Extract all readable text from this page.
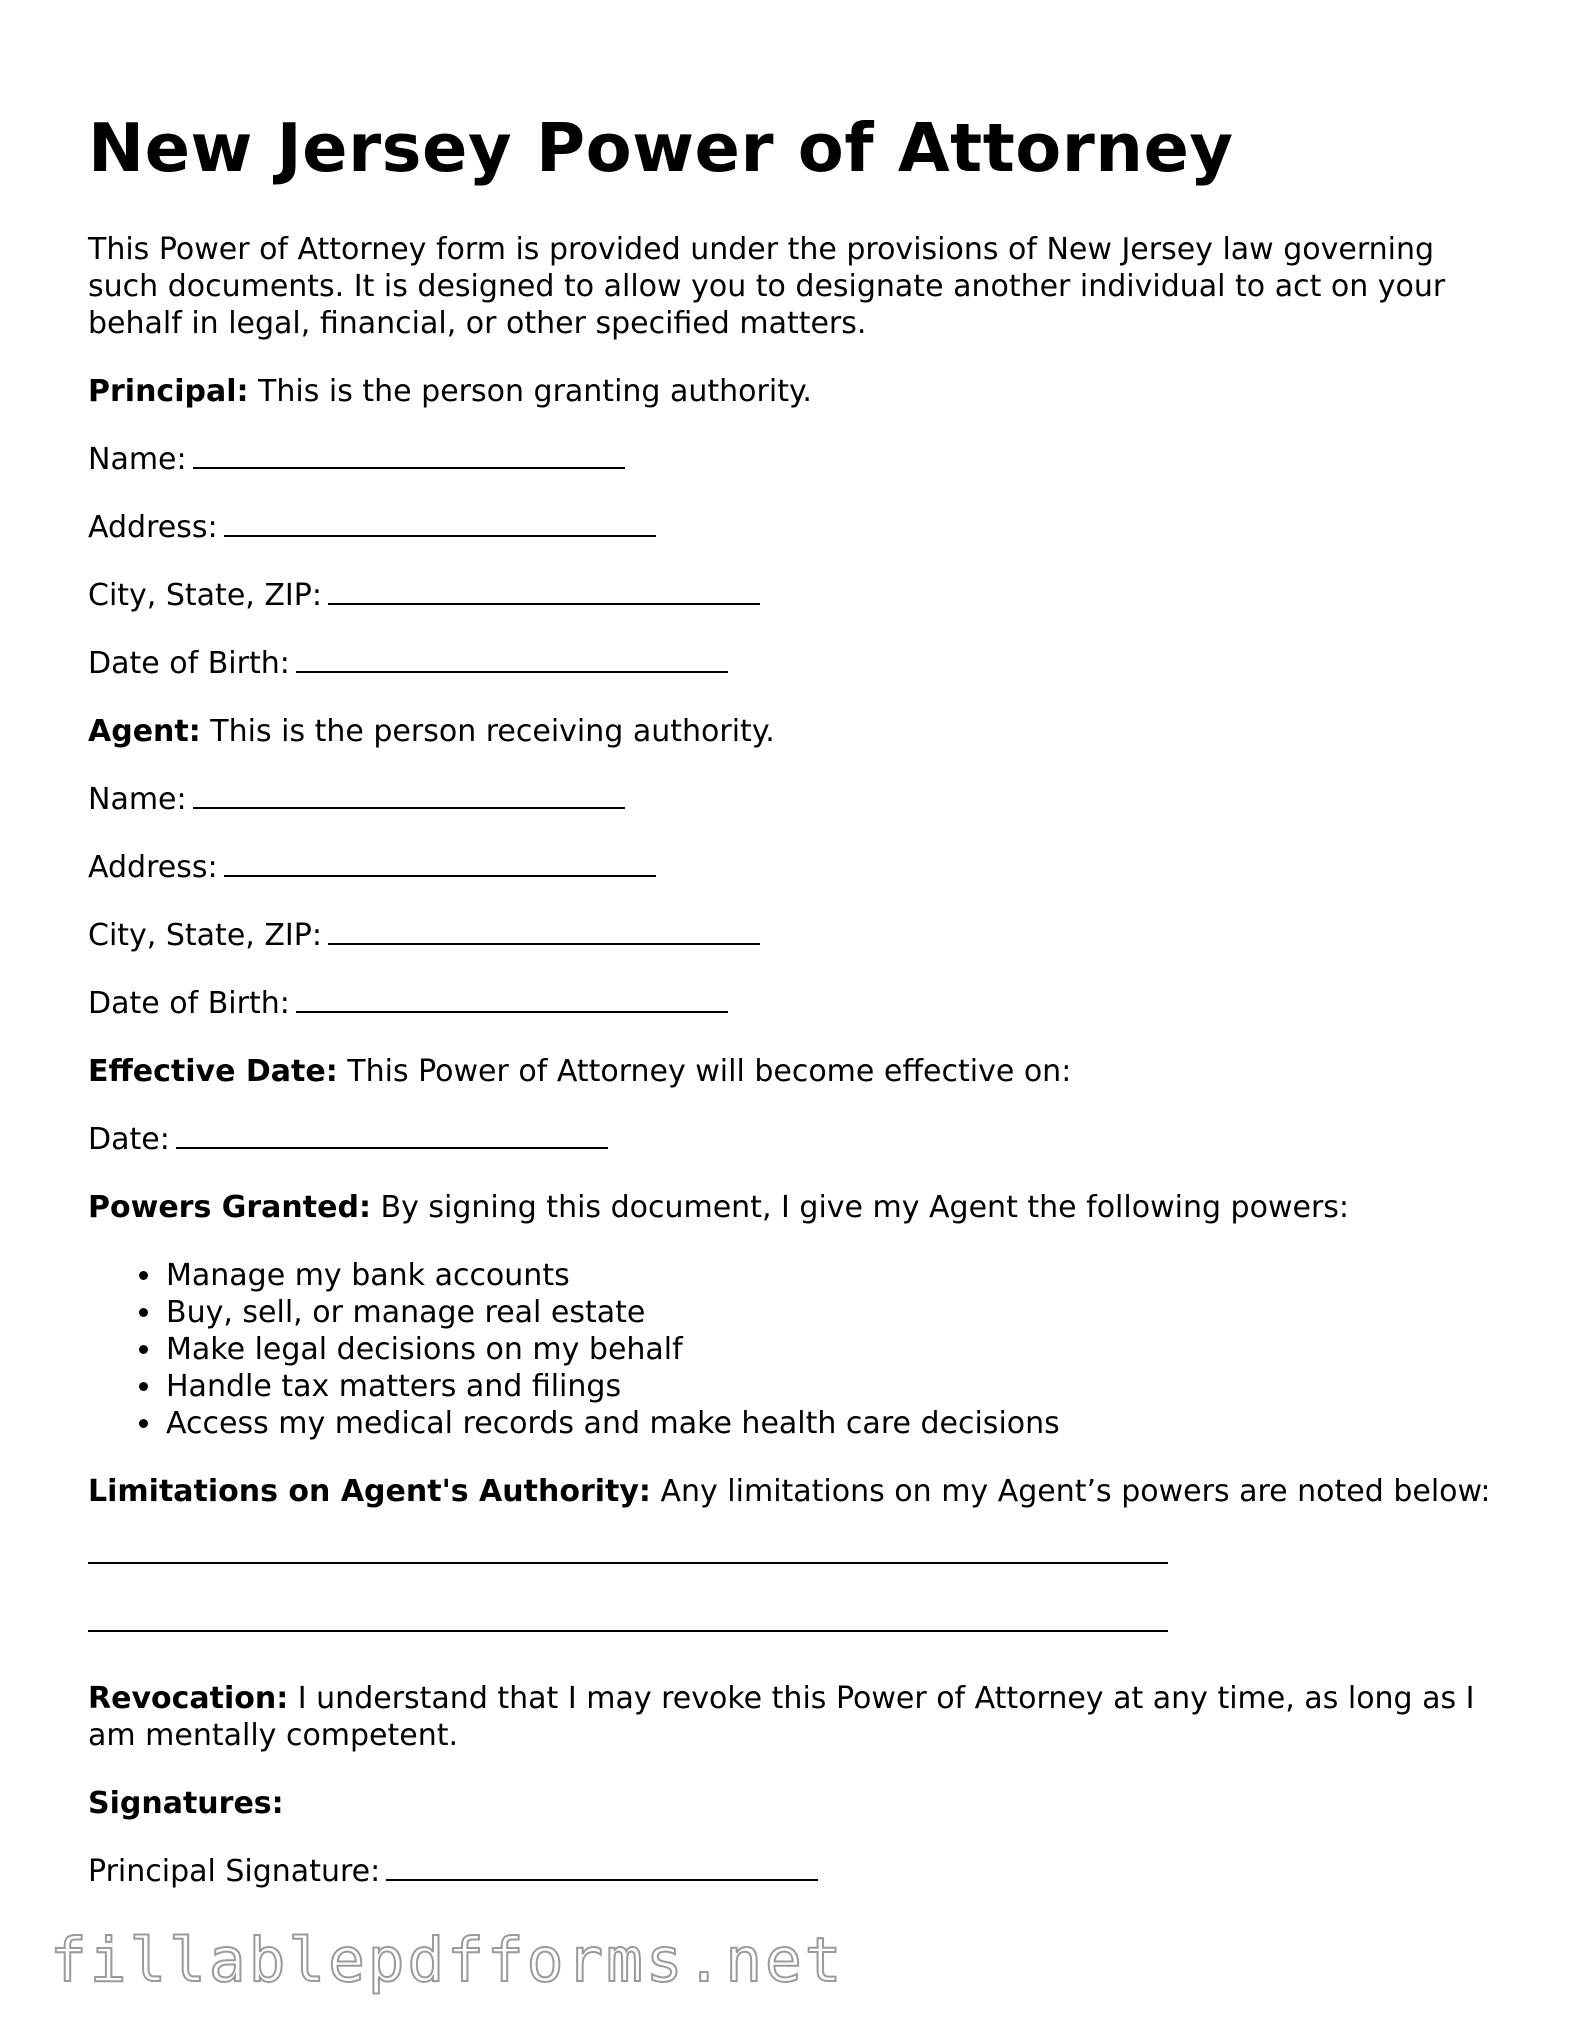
New Jersey Power of Attorney

This Power of Attorney form is provided under the provisions of New Jersey law governing such documents. It is designed to allow you to designate another individual to act on your behalf in legal, financial, or other specified matters.

Principal: This is the person granting authority.

Name:

Address:

City, State, ZIP:

Date of Birth:

Agent: This is the person receiving authority.

Name:

Address:

City, State, ZIP:

Date of Birth:

Effective Date: This Power of Attorney will become effective on:

Date:

Powers Granted: By signing this document, I give my Agent the following powers:

• Manage my bank accounts
• Buy, sell, or manage real estate
• Make legal decisions on my behalf
• Handle tax matters and filings
• Access my medical records and make health care decisions

Limitations on Agent's Authority: Any limitations on my Agent’s powers are noted below:

Revocation: I understand that I may revoke this Power of Attorney at any time, as long as I am mentally competent.

Signatures:

Principal Signature:

fillablepdfforms.net
